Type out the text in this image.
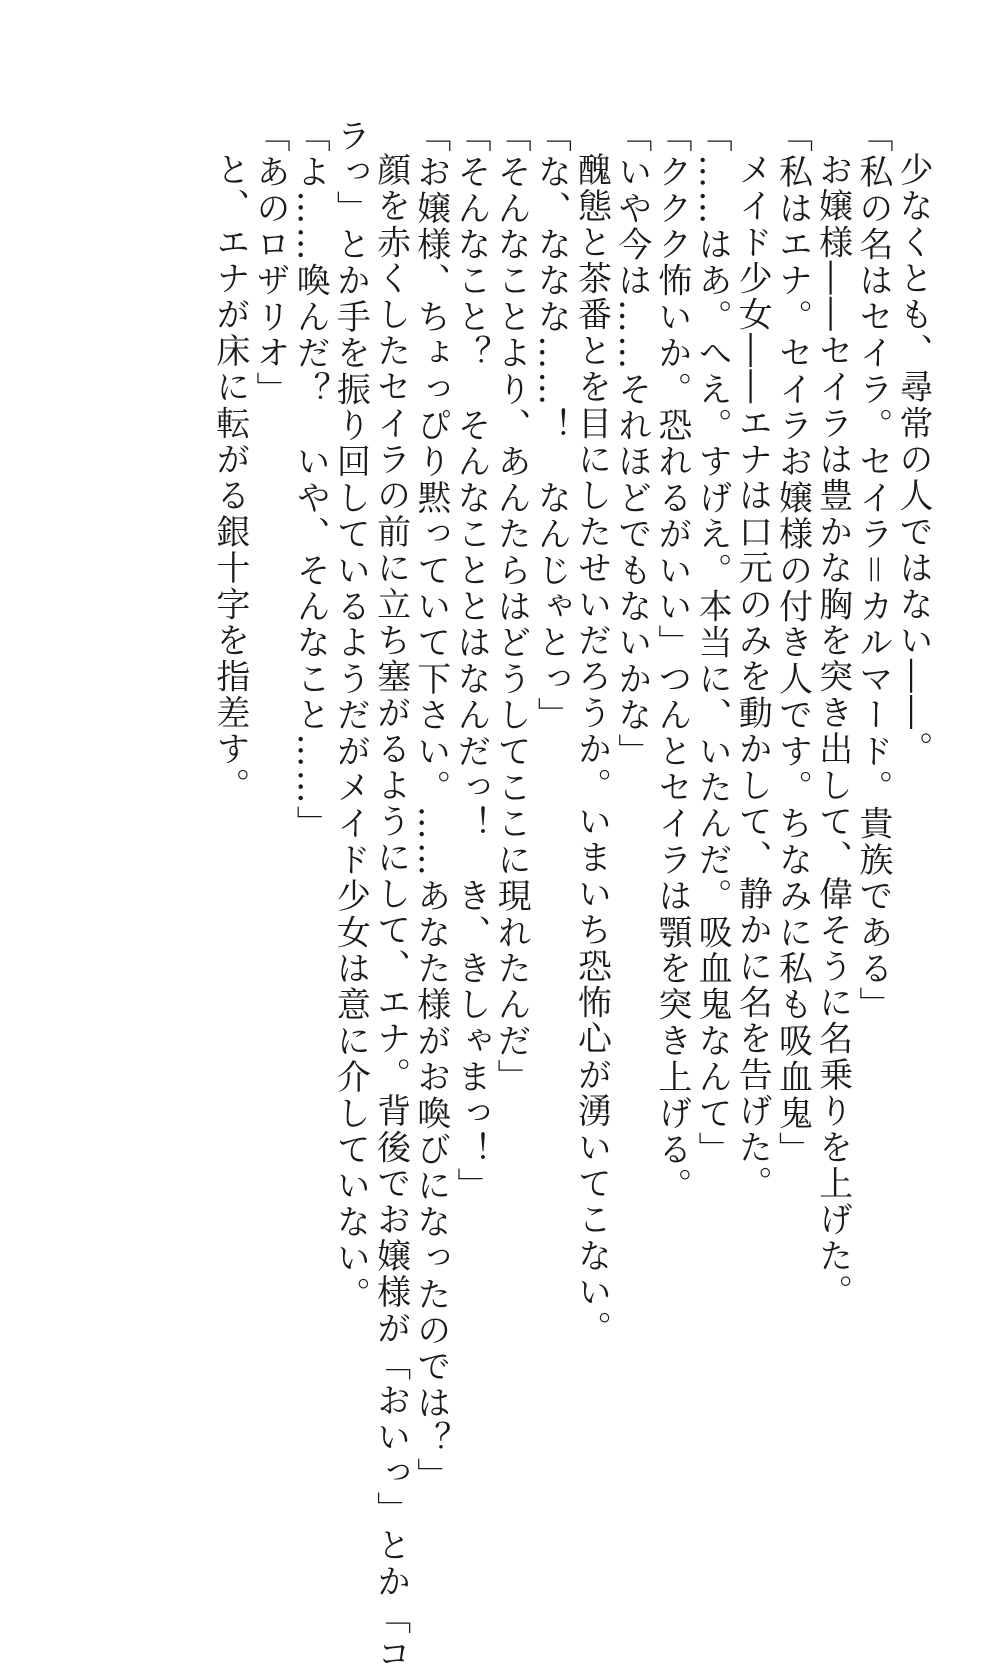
少なくとも、尋常の人ではない――。
「私の名はセイラ。セイラ＝カルマード。貴族である」
お嬢様――セイラは豊かな胸を突き出して、偉そうに名乗りを上げた。
「私はエナ。セイラお嬢様の付き人です。ちなみに私も吸血鬼」
メイド少女――エナは口元のみを動かして、静かに名を告げた。
「……はあ。へえ。すげえ。本当に、いたんだ。吸血鬼なんて」
「ククク怖いか。恐れるがいい」つんとセイラは顎を突き上げる。
「いや今は……それほどでもないかな」
醜態と茶番とを目にしたせいだろうか。いまいち恐怖心が湧いてこない。
「な、ななな……！　なんじゃとっ」
「そんなことより、あんたらはどうしてここに現れたんだ」
「そんなこと？　そんなこととはなんだっ！　き、きしゃまっ！」
「お嬢様、ちょっぴり黙っていて下さい。……あなた様がお喚びになったのでは？」
顔を赤くしたセイラの前に立ち塞がるようにして、エナ。背後でお嬢様が「おいっ」とか「コ
ラっ」とか手を振り回しているようだがメイド少女は意に介していない。
「よ……喚んだ？　いや、そんなこと……」
「あのロザリオ」
と、エナが床に転がる銀十字を指差す。
